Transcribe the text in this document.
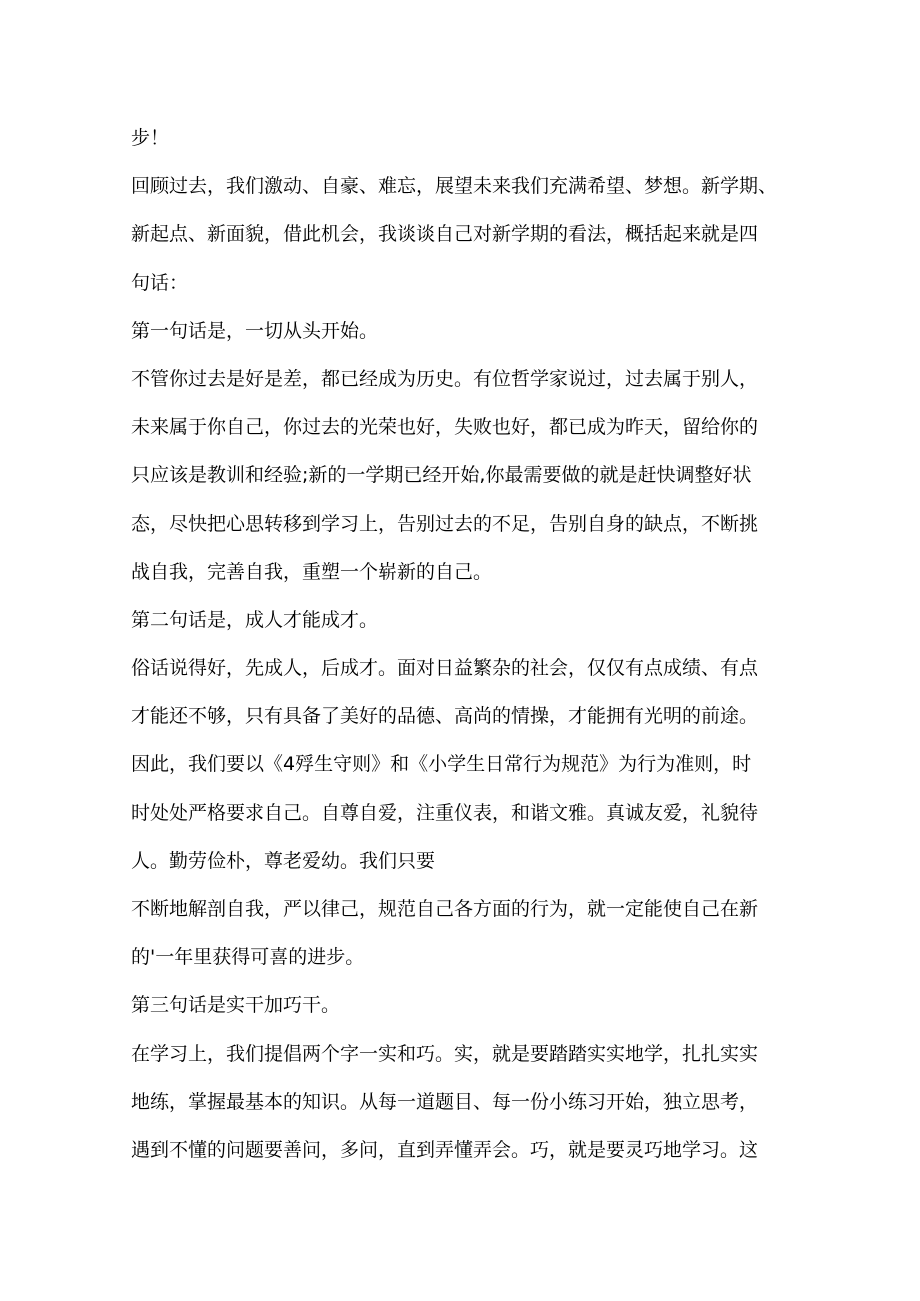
步！
回顾过去，我们激动、自豪、难忘，展望未来我们充满希望、梦想。新学期、
新起点、新面貌，借此机会，我谈谈自己对新学期的看法，概括起来就是四
句话：
第一句话是，一切从头开始。
不管你过去是好是差，都已经成为历史。有位哲学家说过，过去属于别人，
未来属于你自己，你过去的光荣也好，失败也好，都已成为昨天，留给你的
只应该是教训和经验;新的一学期已经开始,你最需要做的就是赶快调整好状
态，尽快把心思转移到学习上，告别过去的不足，告别自身的缺点，不断挑
战自我，完善自我，重塑一个崭新的自己。
第二句话是，成人才能成才。
俗话说得好，先成人，后成才。面对日益繁杂的社会，仅仅有点成绩、有点
才能还不够，只有具备了美好的品德、高尚的情操，才能拥有光明的前途。
因此，我们要以《4殍生守则》和《小学生日常行为规范》为行为准则，时
时处处严格要求自己。自尊自爱，注重仪表，和谐文雅。真诚友爱，礼貌待
人。勤劳俭朴，尊老爱幼。我们只要
不断地解剖自我，严以律己，规范自己各方面的行为，就一定能使自己在新
的'一年里获得可喜的进步。
第三句话是实干加巧干。
在学习上，我们提倡两个字一实和巧。实，就是要踏踏实实地学，扎扎实实
地练，掌握最基本的知识。从每一道题目、每一份小练习开始，独立思考，
遇到不懂的问题要善问，多问，直到弄懂弄会。巧，就是要灵巧地学习。这
